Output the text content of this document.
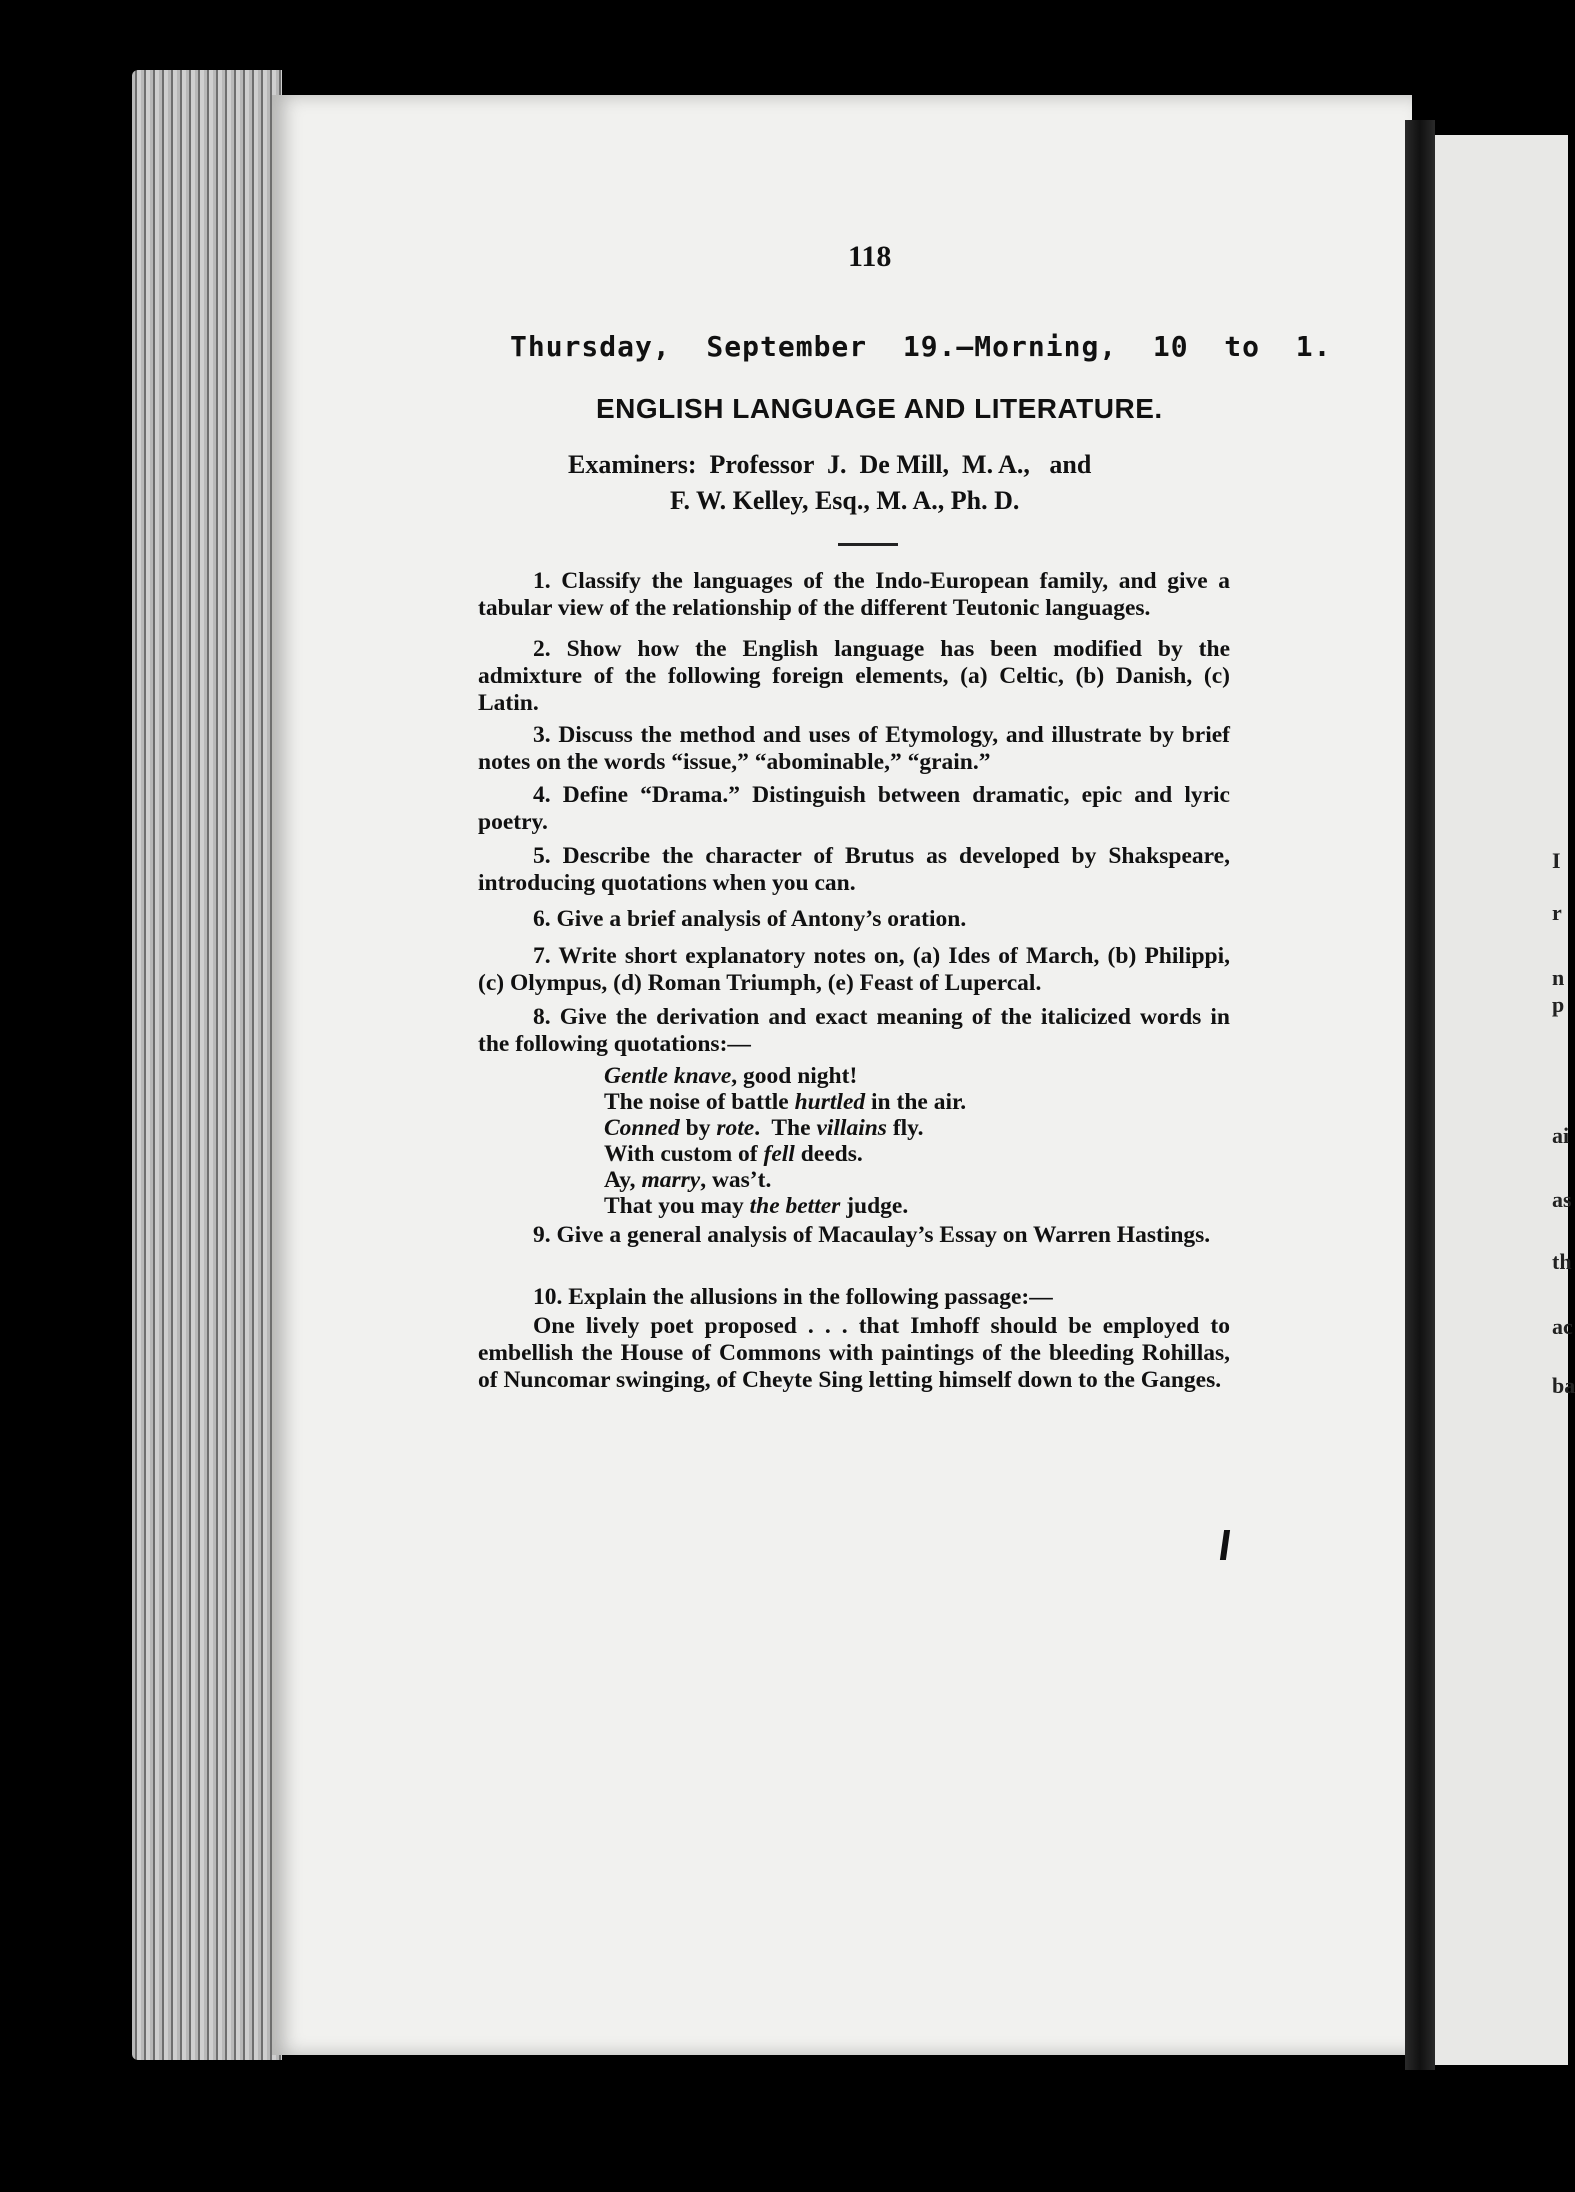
118
Thursday,  September  19.–Morning,  10  to  1.
ENGLISH LANGUAGE AND LITERATURE.
Examiners:  Professor  J.  De Mill,  M. A.,   and
F. W. Kelley, Esq., M. A., Ph. D.
1. Classify the languages of the Indo-European family, and give a tabular view of the relationship of the different Teutonic languages.
2. Show how the English language has been modified by the admixture of the following foreign elements, (a) Celtic, (b) Danish, (c) Latin.
3. Discuss the method and uses of Etymology, and illustrate by brief notes on the words “issue,” “abominable,” “grain.”
4. Define “Drama.” Distinguish between dramatic, epic and lyric poetry.
5. Describe the character of Brutus as developed by Shakspeare, introducing quotations when you can.
6. Give a brief analysis of Antony’s oration.
7. Write short explanatory notes on, (a) Ides of March, (b) Philippi, (c) Olympus, (d) Roman Triumph, (e) Feast of Lupercal.
8. Give the derivation and exact meaning of the italicized words in the following quotations:—
Gentle knave, good night!
The noise of battle hurtled in the air.
Conned by rote.  The villains fly.
With custom of fell deeds.
Ay, marry, was’t.
That you may the better judge.
9. Give a general analysis of Macaulay’s Essay on Warren Hastings.
10. Explain the allusions in the following passage:—
One lively poet proposed . . . that Imhoff should be employed to embellish the House of Commons with paintings of the bleeding Rohillas, of Nuncomar swinging, of Cheyte Sing letting himself down to the Ganges.
I
r
n
p
ai
as
th
ac
ba
